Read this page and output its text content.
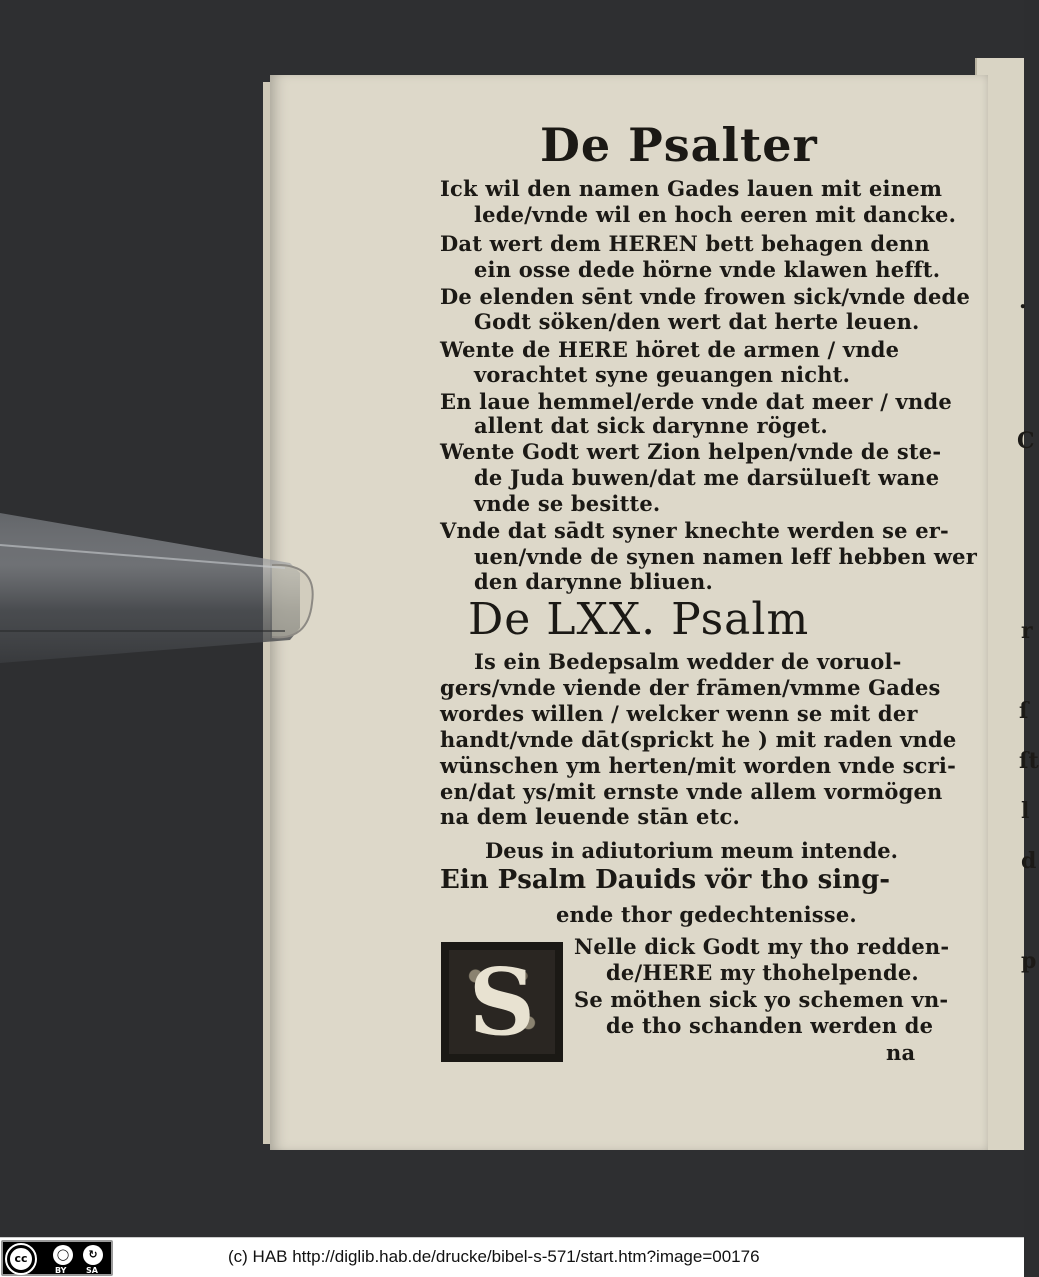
.
C
r
ſ
ſt
l
d
p
De Psalter
Ick wil den namen Gades lauen mit einem
lede/vnde wil en hoch eeren mit dancke.
Dat wert dem HEREN bett behagen denn
ein osse dede hörne vnde klawen hefft.
De elenden sēnt vnde frowen sick/vnde dede
Godt söken/den wert dat herte leuen.
Wente de HERE höret de armen / vnde
vorachtet syne geuangen nicht.
En laue hemmel/erde vnde dat meer / vnde
allent dat sick darynne röget.
Wente Godt wert Zion helpen/vnde de ste-
de Juda buwen/dat me darsülueſt wane
vnde se besitte.
Vnde dat sādt syner knechte werden se er-
uen/vnde de synen namen leff hebben wer
den darynne bliuen.
De LXX. Psalm
Is ein Bedepsalm wedder de voruol-
gers/vnde viende der frāmen/vmme Gades
wordes willen / welcker wenn se mit der
handt/vnde dāt(sprickt he ) mit raden vnde
wünschen ym herten/mit worden vnde scri-
en/dat ys/mit ernste vnde allem vormögen
na dem leuende stān etc.
Deus in adiutorium meum intende.
Ein Psalm Dauids vör tho sing-
ende thor gedechtenisse.
S
Nelle dick Godt my tho redden-
de/HERE my thohelpende.
Se möthen sick yo schemen vn-
de tho schanden werden de
na
cc	◯	↻
BY SA
(c) HAB http://diglib.hab.de/drucke/bibel-s-571/start.htm?image=00176
